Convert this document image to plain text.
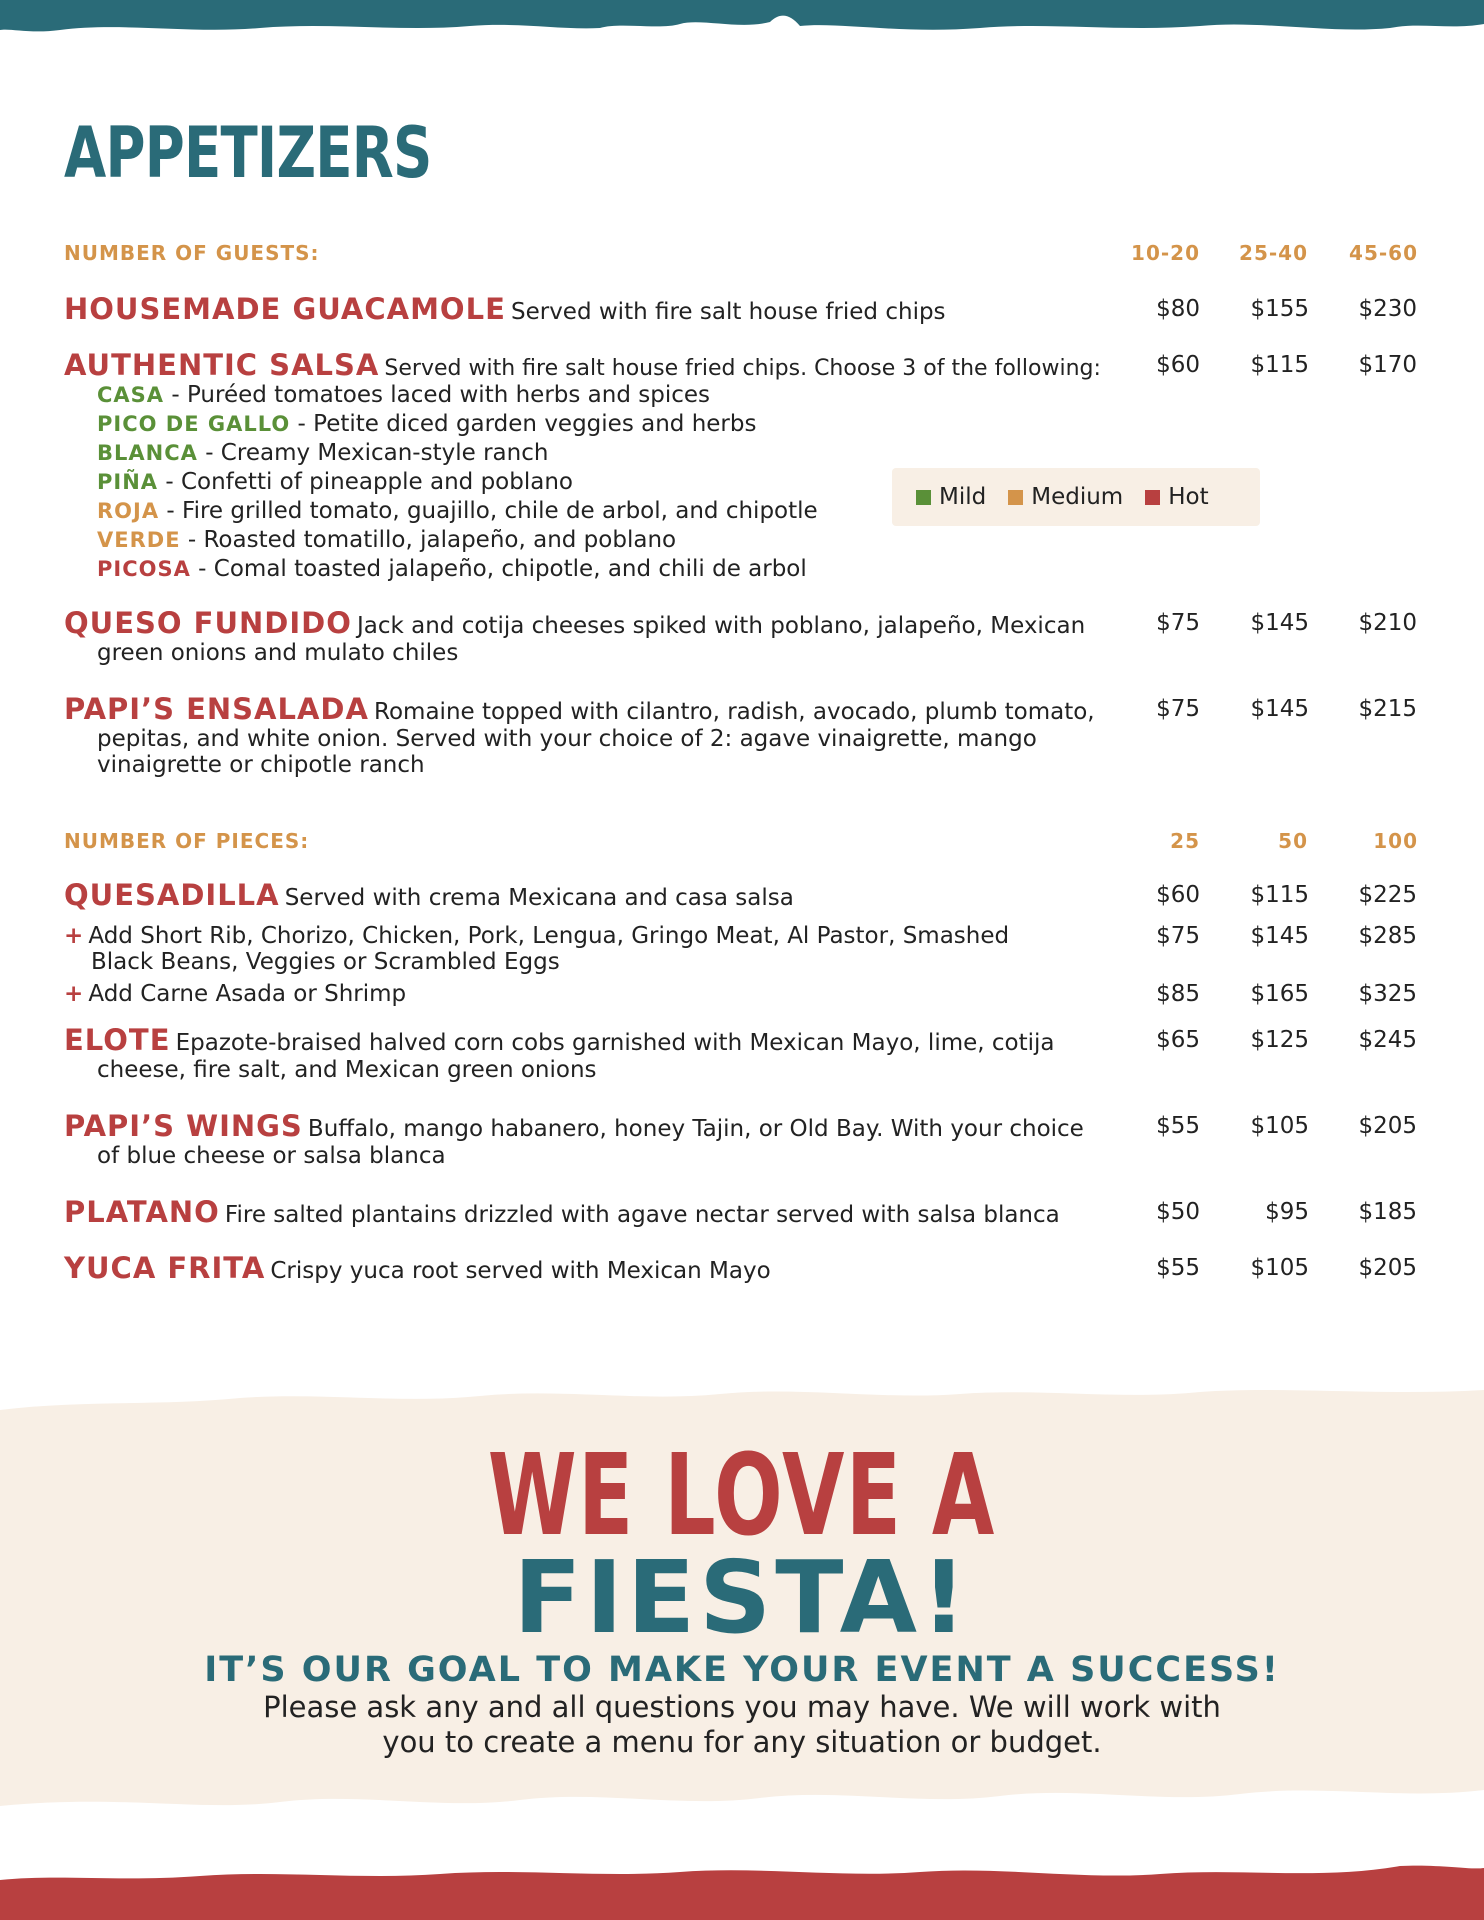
APPETIZERS
NUMBER OF GUESTS:	10-20	25-40	45-60
HOUSEMADE GUACAMOLE Served with fire salt house fried chips	$80	$155	$230
AUTHENTIC SALSA Served with fire salt house fried chips. Choose 3 of the following:	$60	$115	$170
CASA - Puréed tomatoes laced with herbs and spices
PICO DE GALLO - Petite diced garden veggies and herbs
BLANCA - Creamy Mexican-style ranch
PIÑA - Confetti of pineapple and poblano
ROJA - Fire grilled tomato, guajillo, chile de arbol, and chipotle
VERDE - Roasted tomatillo, jalapeño, and poblano
PICOSA - Comal toasted jalapeño, chipotle, and chili de arbol
Mild Medium Hot
QUESO FUNDIDO Jack and cotija cheeses spiked with poblano, jalapeño, Mexican	$75	$145	$210
green onions and mulato chiles
PAPI’S ENSALADA Romaine topped with cilantro, radish, avocado, plumb tomato,	$75	$145	$215
pepitas, and white onion. Served with your choice of 2: agave vinaigrette, mango
vinaigrette or chipotle ranch
NUMBER OF PIECES:	25	50	100
QUESADILLA Served with crema Mexicana and casa salsa	$60	$115	$225
+ Add Short Rib, Chorizo, Chicken, Pork, Lengua, Gringo Meat, Al Pastor, Smashed	$75	$145	$285
Black Beans, Veggies or Scrambled Eggs
+ Add Carne Asada or Shrimp	$85	$165	$325
ELOTE Epazote-braised halved corn cobs garnished with Mexican Mayo, lime, cotija	$65	$125	$245
cheese, fire salt, and Mexican green onions
PAPI’S WINGS Buffalo, mango habanero, honey Tajin, or Old Bay. With your choice	$55	$105	$205
of blue cheese or salsa blanca
PLATANO Fire salted plantains drizzled with agave nectar served with salsa blanca	$50	$95	$185
YUCA FRITA Crispy yuca root served with Mexican Mayo	$55	$105	$205
WE LOVE A
FIESTA!
IT’S OUR GOAL TO MAKE YOUR EVENT A SUCCESS!
Please ask any and all questions you may have. We will work with
you to create a menu for any situation or budget.
